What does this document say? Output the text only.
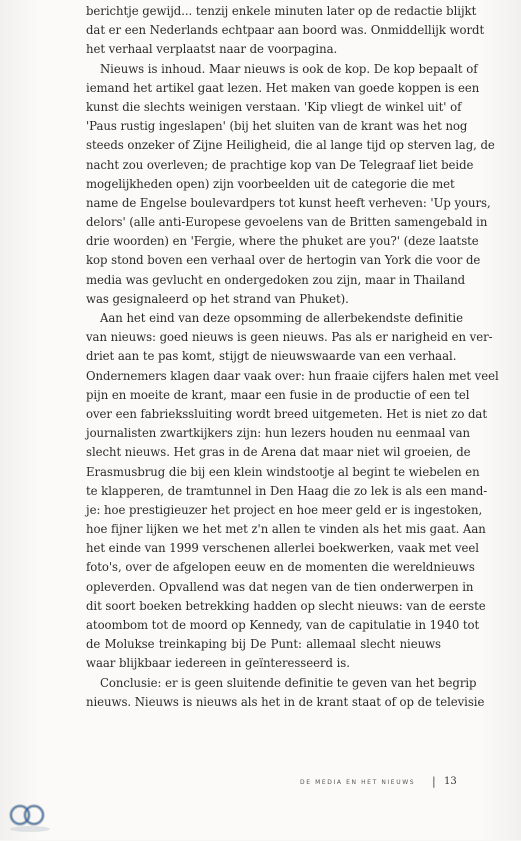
berichtje gewijd... tenzij enkele minuten later op de redactie blijkt
dat er een Nederlands echtpaar aan boord was. Onmiddellijk wordt
het verhaal verplaatst naar de voorpagina.
Nieuws is inhoud. Maar nieuws is ook de kop. De kop bepaalt of
iemand het artikel gaat lezen. Het maken van goede koppen is een
kunst die slechts weinigen verstaan. 'Kip vliegt de winkel uit' of
'Paus rustig ingeslapen' (bij het sluiten van de krant was het nog
steeds onzeker of Zijne Heiligheid, die al lange tijd op sterven lag, de
nacht zou overleven; de prachtige kop van De Telegraaf liet beide
mogelijkheden open) zijn voorbeelden uit de categorie die met
name de Engelse boulevardpers tot kunst heeft verheven: 'Up yours,
delors' (alle anti-Europese gevoelens van de Britten samengebald in
drie woorden) en 'Fergie, where the phuket are you?' (deze laatste
kop stond boven een verhaal over de hertogin van York die voor de
media was gevlucht en ondergedoken zou zijn, maar in Thailand
was gesignaleerd op het strand van Phuket).
Aan het eind van deze opsomming de allerbekendste definitie
van nieuws: goed nieuws is geen nieuws. Pas als er narigheid en ver-
driet aan te pas komt, stijgt de nieuwswaarde van een verhaal.
Ondernemers klagen daar vaak over: hun fraaie cijfers halen met veel
pijn en moeite de krant, maar een fusie in de productie of een tel
over een fabriekssluiting wordt breed uitgemeten. Het is niet zo dat
journalisten zwartkijkers zijn: hun lezers houden nu eenmaal van
slecht nieuws. Het gras in de Arena dat maar niet wil groeien, de
Erasmusbrug die bij een klein windstootje al begint te wiebelen en
te klapperen, de tramtunnel in Den Haag die zo lek is als een mand-
je: hoe prestigieuzer het project en hoe meer geld er is ingestoken,
hoe fijner lijken we het met z'n allen te vinden als het mis gaat. Aan
het einde van 1999 verschenen allerlei boekwerken, vaak met veel
foto's, over de afgelopen eeuw en de momenten die wereldnieuws
opleverden. Opvallend was dat negen van de tien onderwerpen in
dit soort boeken betrekking hadden op slecht nieuws: van de eerste
atoombom tot de moord op Kennedy, van de capitulatie in 1940 tot
de Molukse treinkaping bij De Punt: allemaal slecht nieuws
waar blijkbaar iedereen in geïnteresseerd is.
Conclusie: er is geen sluitende definitie te geven van het begrip
nieuws. Nieuws is nieuws als het in de krant staat of op de televisie
DE MEDIA EN HET NIEUWS | 13
